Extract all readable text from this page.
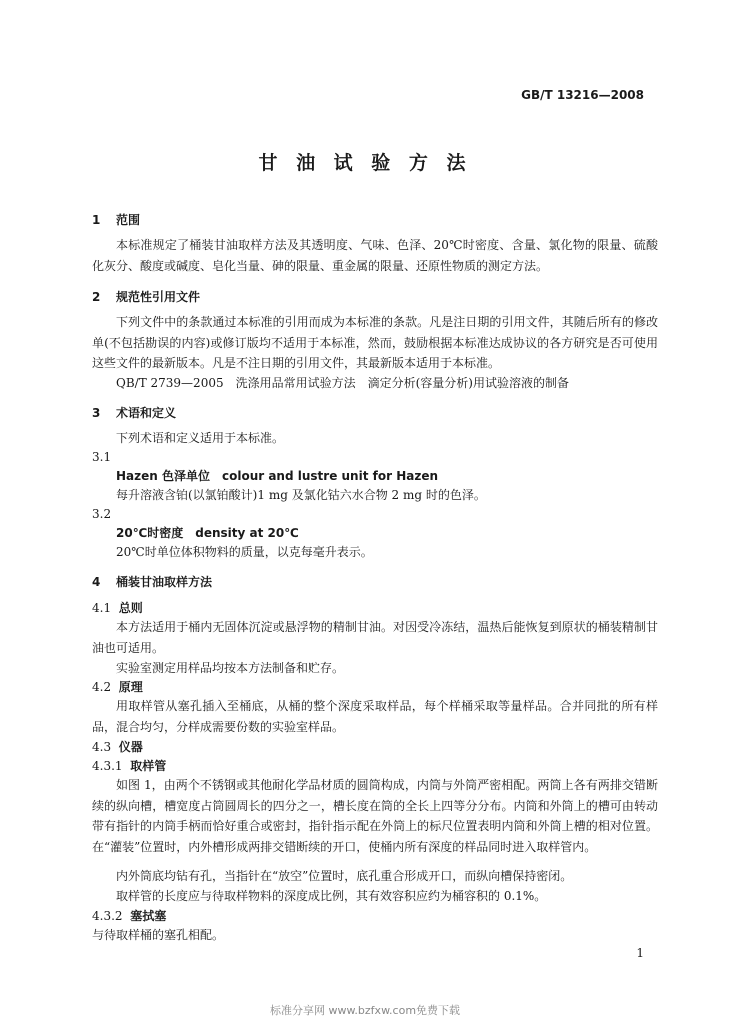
GB/T 13216—2008
甘 油 试 验 方 法
1 范围
本标准规定了桶装甘油取样方法及其透明度、气味、色泽、20℃时密度、含量、氯化物的限量、硫酸化灰分、酸度或碱度、皂化当量、砷的限量、重金属的限量、还原性物质的测定方法。
2 规范性引用文件
下列文件中的条款通过本标准的引用而成为本标准的条款。凡是注日期的引用文件，其随后所有的修改单(不包括勘误的内容)或修订版均不适用于本标准，然而，鼓励根据本标准达成协议的各方研究是否可使用这些文件的最新版本。凡是不注日期的引用文件，其最新版本适用于本标准。
QB/T 2739—2005　洗涤用品常用试验方法　滴定分析(容量分析)用试验溶液的制备
3 术语和定义
下列术语和定义适用于本标准。
3.1
Hazen 色泽单位　colour and lustre unit for Hazen
每升溶液含铂(以氯铂酸计)1 mg 及氯化钴六水合物 2 mg 时的色泽。
3.2
20℃时密度　density at 20℃
20℃时单位体积物料的质量，以克每毫升表示。
4 桶装甘油取样方法
4.1 总则
本方法适用于桶内无固体沉淀或悬浮物的精制甘油。对因受冷冻结，温热后能恢复到原状的桶装精制甘油也可适用。
实验室测定用样品均按本方法制备和贮存。
4.2 原理
用取样管从塞孔插入至桶底，从桶的整个深度采取样品，每个样桶采取等量样品。合并同批的所有样品，混合均匀，分样成需要份数的实验室样品。
4.3 仪器
4.3.1 取样管
如图 1，由两个不锈钢或其他耐化学品材质的圆筒构成，内筒与外筒严密相配。两筒上各有两排交错断续的纵向槽，槽宽度占筒圆周长的四分之一，槽长度在筒的全长上四等分分布。内筒和外筒上的槽可由转动带有指针的内筒手柄而恰好重合或密封，指针指示配在外筒上的标尺位置表明内筒和外筒上槽的相对位置。在“灌装”位置时，内外槽形成两排交错断续的开口，使桶内所有深度的样品同时进入取样管内。
内外筒底均钻有孔，当指针在“放空”位置时，底孔重合形成开口，而纵向槽保持密闭。
取样管的长度应与待取样物料的深度成比例，其有效容积应约为桶容积的 0.1%。
4.3.2 塞拭塞
与待取样桶的塞孔相配。
1
标准分享网 www.bzfxw.com免费下载
